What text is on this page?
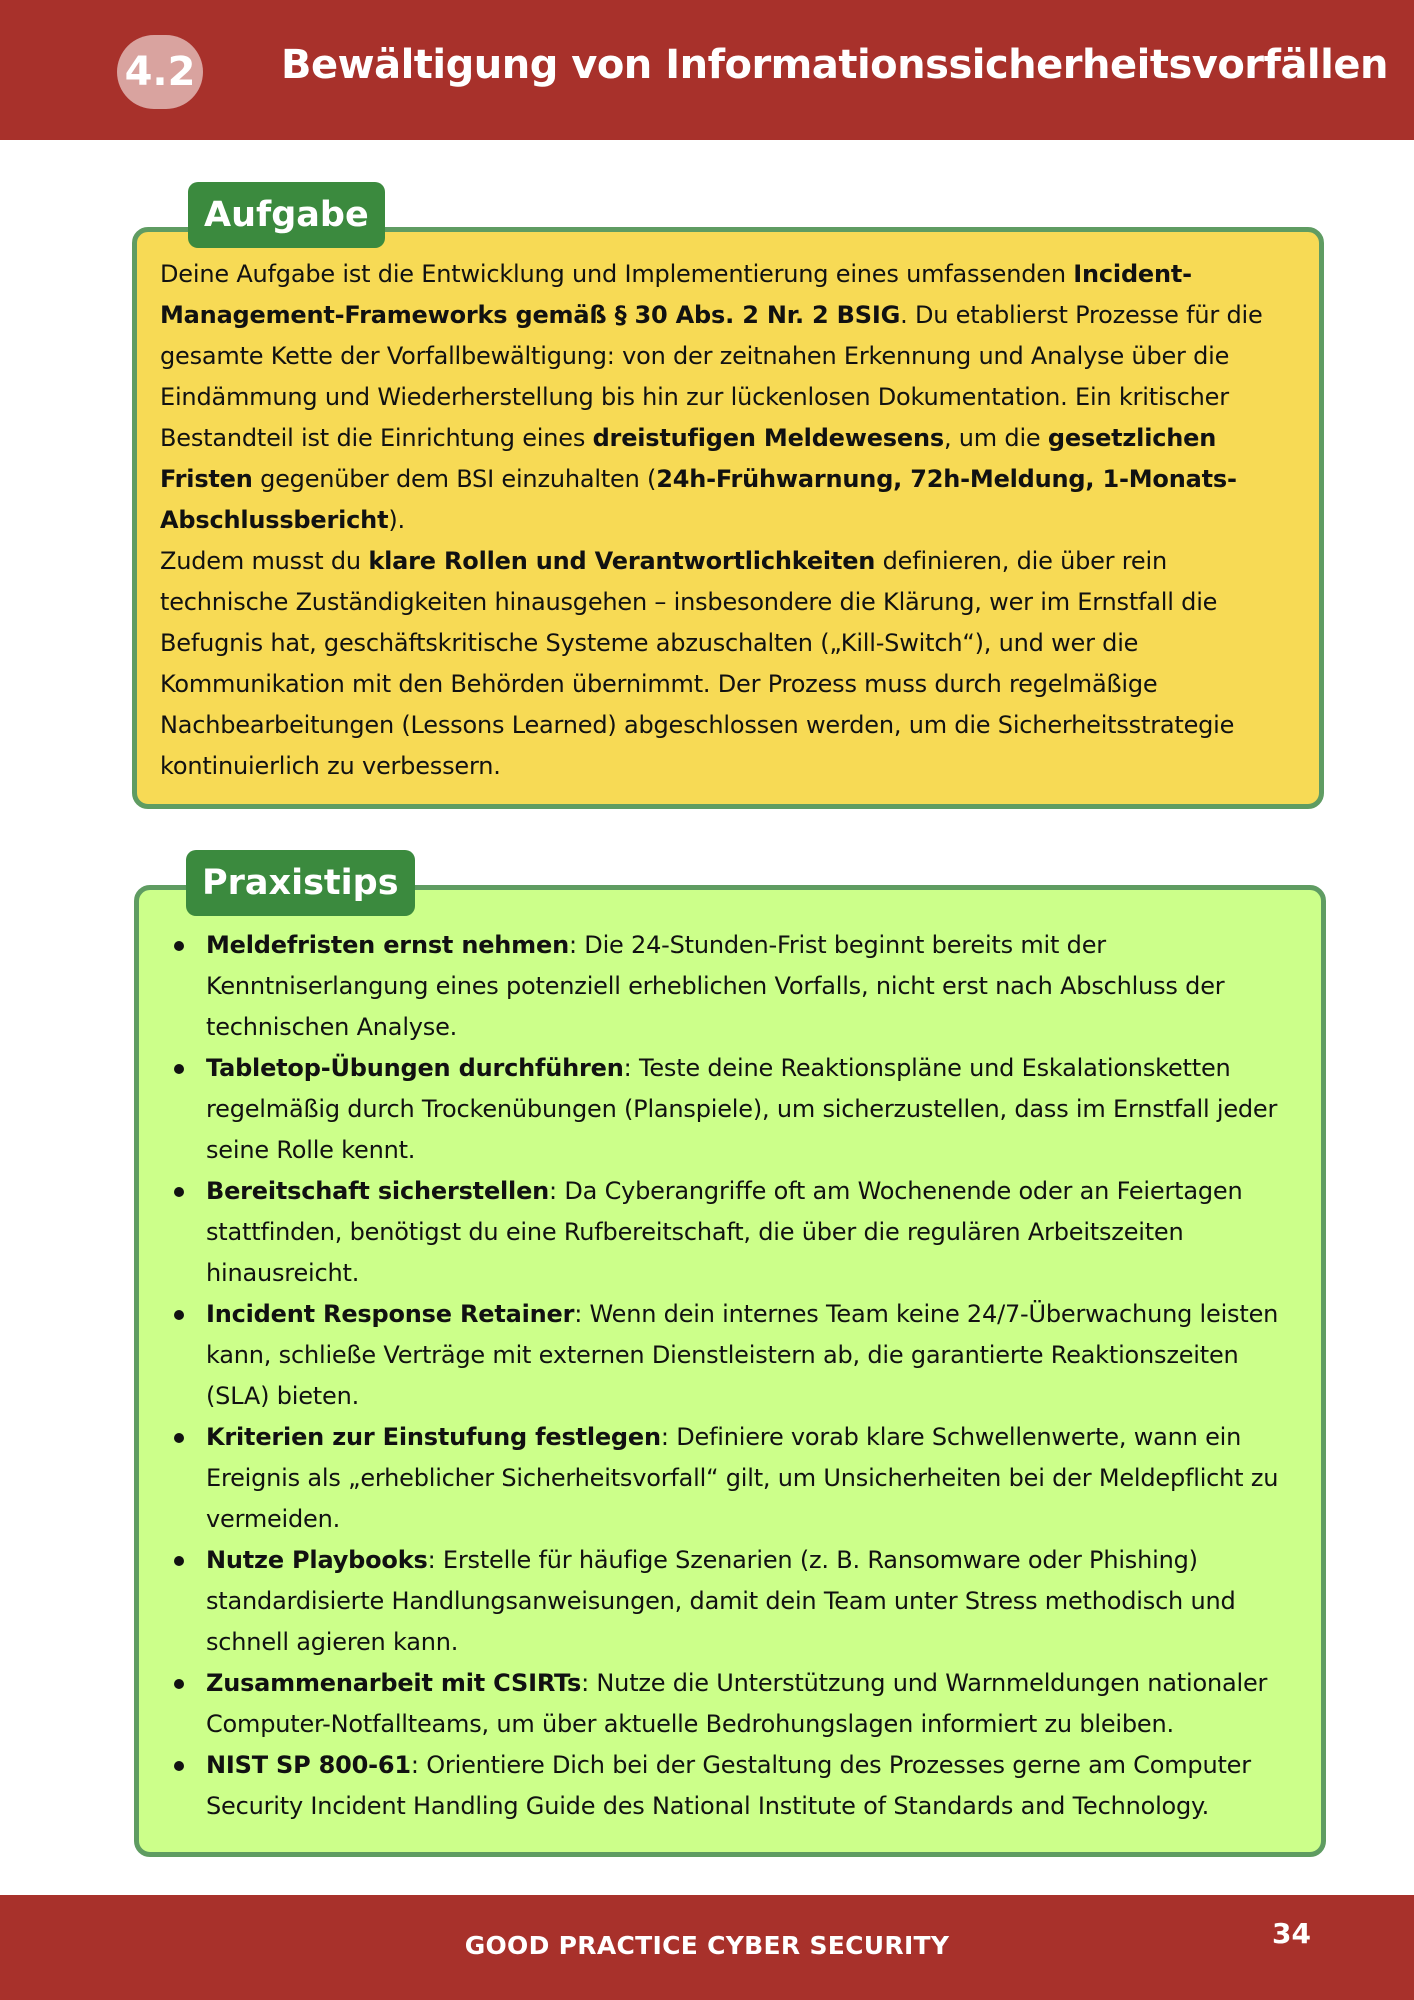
4.2 Bewältigung von Informationssicherheitsvorfällen
Aufgabe

Deine Aufgabe ist die Entwicklung und Implementierung eines umfassenden Incident-Management-Frameworks gemäß § 30 Abs. 2 Nr. 2 BSIG. Du etablierst Prozesse für die gesamte Kette der Vorfallbewältigung: von der zeitnahen Erkennung und Analyse über die Eindämmung und Wiederherstellung bis hin zur lückenlosen Dokumentation. Ein kritischer Bestandteil ist die Einrichtung eines dreistufigen Meldewesens, um die gesetzlichen Fristen gegenüber dem BSI einzuhalten (24h-Frühwarnung, 72h-Meldung, 1-Monats-Abschlussbericht).

Zudem musst du klare Rollen und Verantwortlichkeiten definieren, die über rein technische Zuständigkeiten hinausgehen – insbesondere die Klärung, wer im Ernstfall die Befugnis hat, geschäftskritische Systeme abzuschalten („Kill-Switch“), und wer die Kommunikation mit den Behörden übernimmt. Der Prozess muss durch regelmäßige Nachbearbeitungen (Lessons Learned) abgeschlossen werden, um die Sicherheitsstrategie kontinuierlich zu verbessern.

Praxistips
Meldefristen ernst nehmen: Die 24-Stunden-Frist beginnt bereits mit der Kenntniserlangung eines potenziell erheblichen Vorfalls, nicht erst nach Abschluss der technischen Analyse.
Tabletop-Übungen durchführen: Teste deine Reaktionspläne und Eskalationsketten regelmäßig durch Trockenübungen (Planspiele), um sicherzustellen, dass im Ernstfall jeder seine Rolle kennt.
Bereitschaft sicherstellen: Da Cyberangriffe oft am Wochenende oder an Feiertagen stattfinden, benötigst du eine Rufbereitschaft, die über die regulären Arbeitszeiten hinausreicht.
Incident Response Retainer: Wenn dein internes Team keine 24/7-Überwachung leisten kann, schließe Verträge mit externen Dienstleistern ab, die garantierte Reaktionszeiten (SLA) bieten.
Kriterien zur Einstufung festlegen: Definiere vorab klare Schwellenwerte, wann ein Ereignis als „erheblicher Sicherheitsvorfall“ gilt, um Unsicherheiten bei der Meldepflicht zu vermeiden.
Nutze Playbooks: Erstelle für häufige Szenarien (z. B. Ransomware oder Phishing) standardisierte Handlungsanweisungen, damit dein Team unter Stress methodisch und schnell agieren kann.
Zusammenarbeit mit CSIRTs: Nutze die Unterstützung und Warnmeldungen nationaler Computer-Notfallteams, um über aktuelle Bedrohungslagen informiert zu bleiben.
NIST SP 800-61: Orientiere Dich bei der Gestaltung des Prozesses gerne am Computer Security Incident Handling Guide des National Institute of Standards and Technology.
GOOD PRACTICE CYBER SECURITY	34
